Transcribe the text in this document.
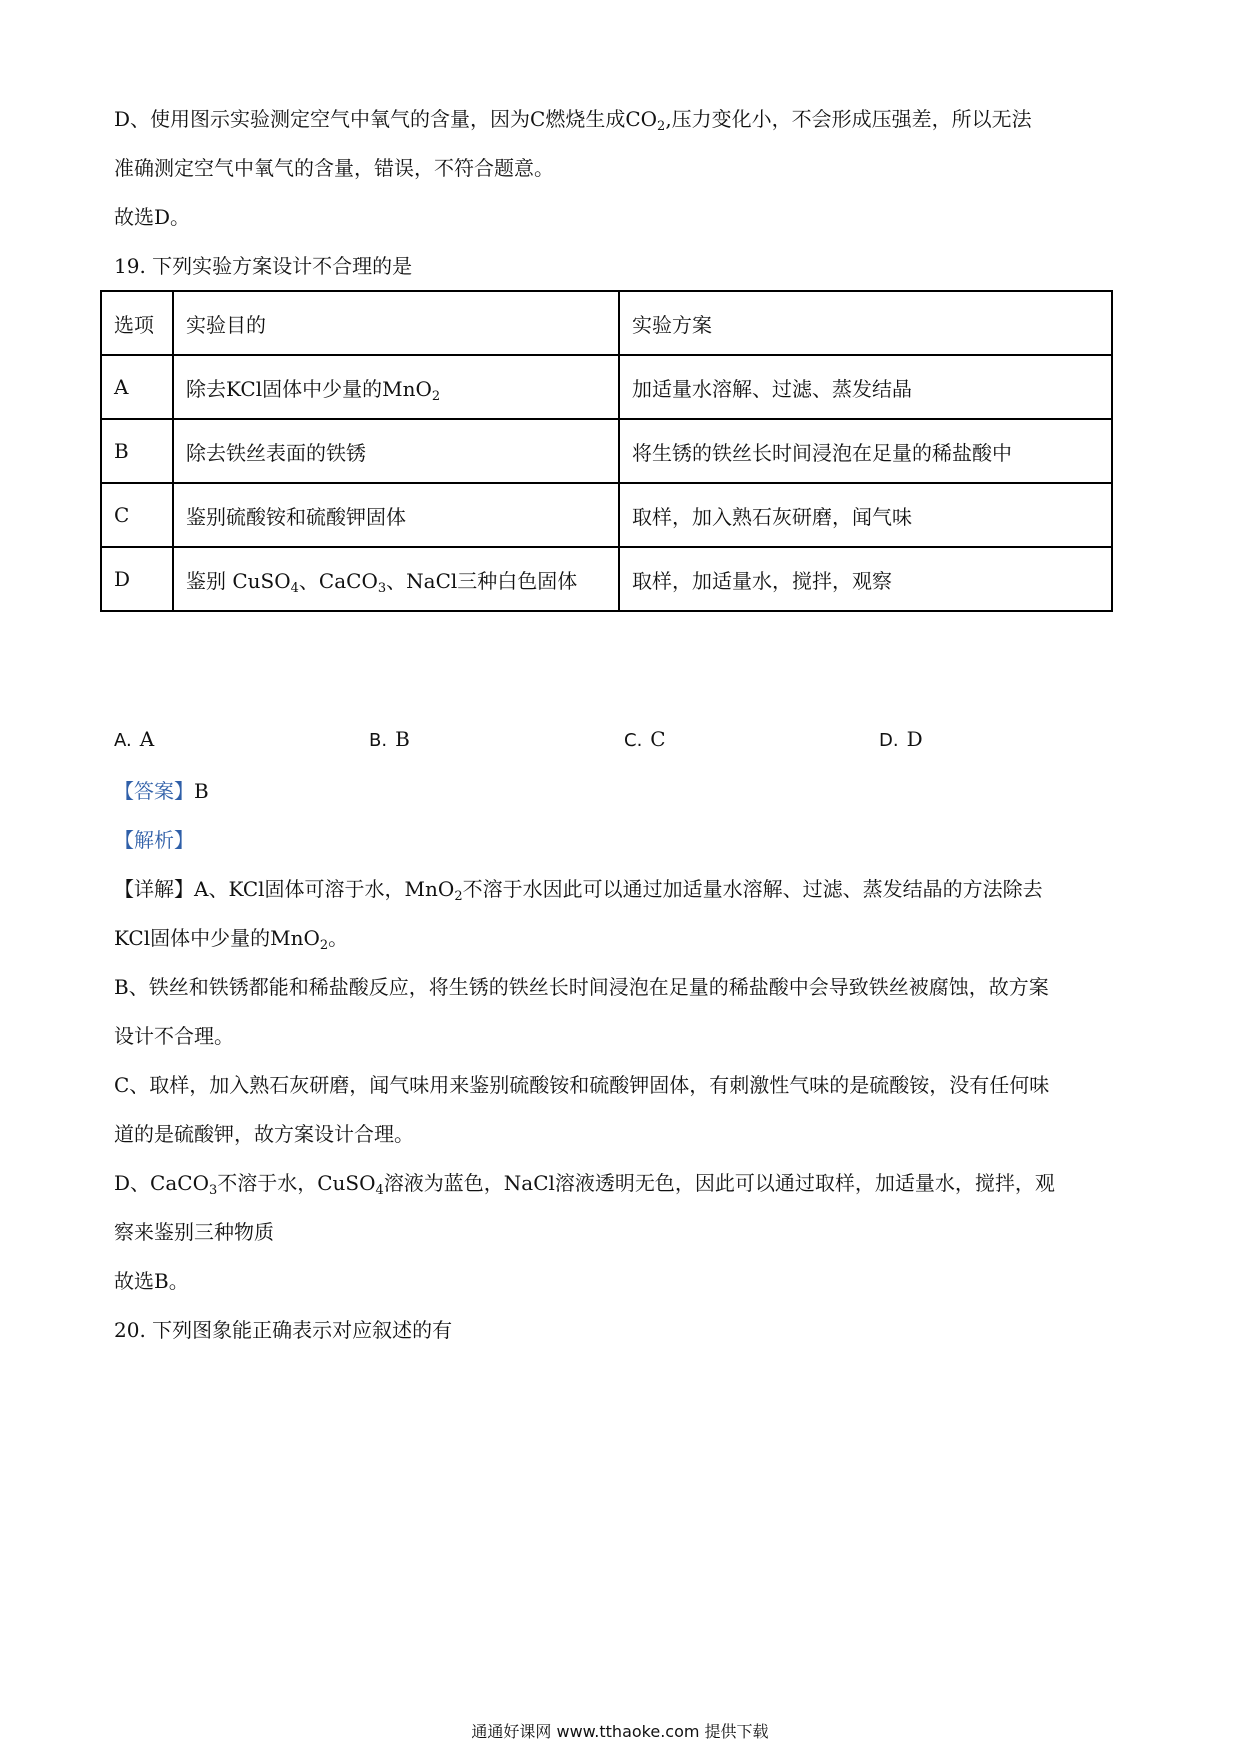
D、使用图示实验测定空气中氧气的含量，因为C燃烧生成$CO_2$,压力变化小，不会形成压强差，所以无法
准确测定空气中氧气的含量，错误，不符合题意。
故选D。
19. 下列实验方案设计不合理的是
选项	实验目的	实验方案
A	除去KCl固体中少量的MnO$_2$	加适量水溶解、过滤、蒸发结晶
B	除去铁丝表面的铁锈	将生锈的铁丝长时间浸泡在足量的稀盐酸中
C	鉴别硫酸铵和硫酸钾固体	取样，加入熟石灰研磨，闻气味
D	鉴别 CuSO$_4$、CaCO$_3$、NaCl三种白色固体	取样，加适量水，搅拌，观察
A. A	B. B	C. C	D. D
【答案】B
【解析】
【详解】A、KCl固体可溶于水，MnO$_2$不溶于水因此可以通过加适量水溶解、过滤、蒸发结晶的方法除去
KCl固体中少量的MnO$_2$。
B、铁丝和铁锈都能和稀盐酸反应，将生锈的铁丝长时间浸泡在足量的稀盐酸中会导致铁丝被腐蚀，故方案
设计不合理。
C、取样，加入熟石灰研磨，闻气味用来鉴别硫酸铵和硫酸钾固体，有刺激性气味的是硫酸铵，没有任何味
道的是硫酸钾，故方案设计合理。
D、CaCO$_3$不溶于水，CuSO$_4$溶液为蓝色，NaCl溶液透明无色，因此可以通过取样，加适量水，搅拌，观
察来鉴别三种物质
故选B。
20. 下列图象能正确表示对应叙述的有
通通好课网 www.tthaoke.com 提供下载
